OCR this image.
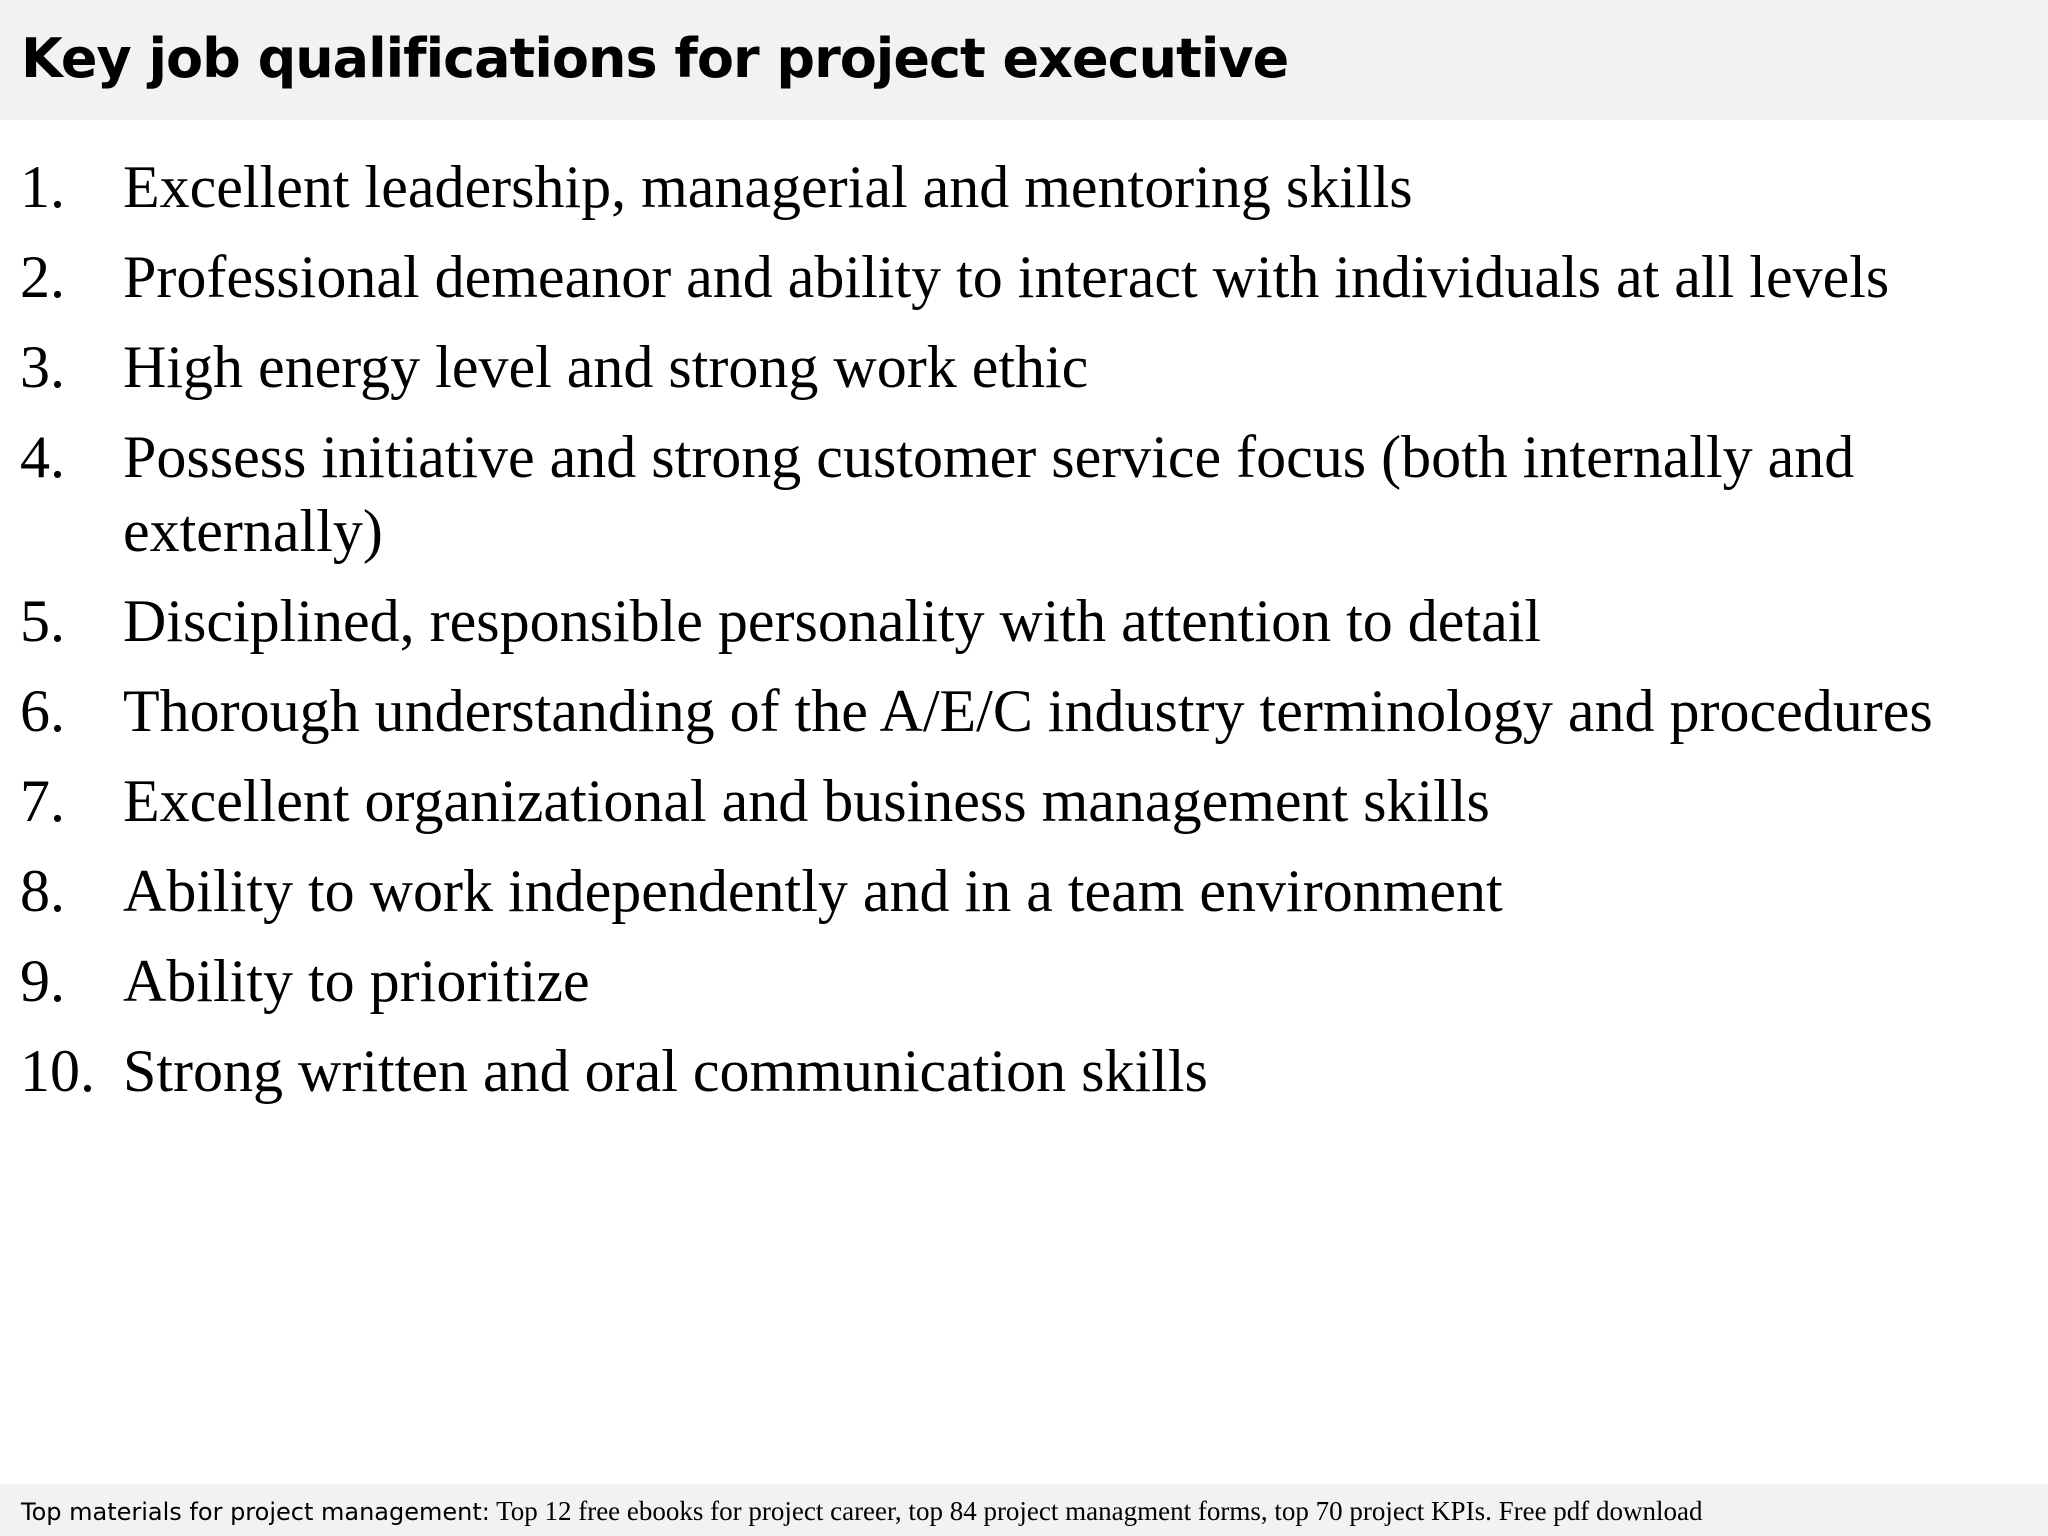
Key job qualifications for project executive
1. Excellent leadership, managerial and mentoring skills
2. Professional demeanor and ability to interact with individuals at all levels
3. High energy level and strong work ethic
4. Possess initiative and strong customer service focus (both internally and externally)
5. Disciplined, responsible personality with attention to detail
6. Thorough understanding of the A/E/C industry terminology and procedures
7. Excellent organizational and business management skills
8. Ability to work independently and in a team environment
9. Ability to prioritize
10. Strong written and oral communication skills

Top materials for project management: Top 12 free ebooks for project career, top 84 project managment forms, top 70 project KPIs. Free pdf download
